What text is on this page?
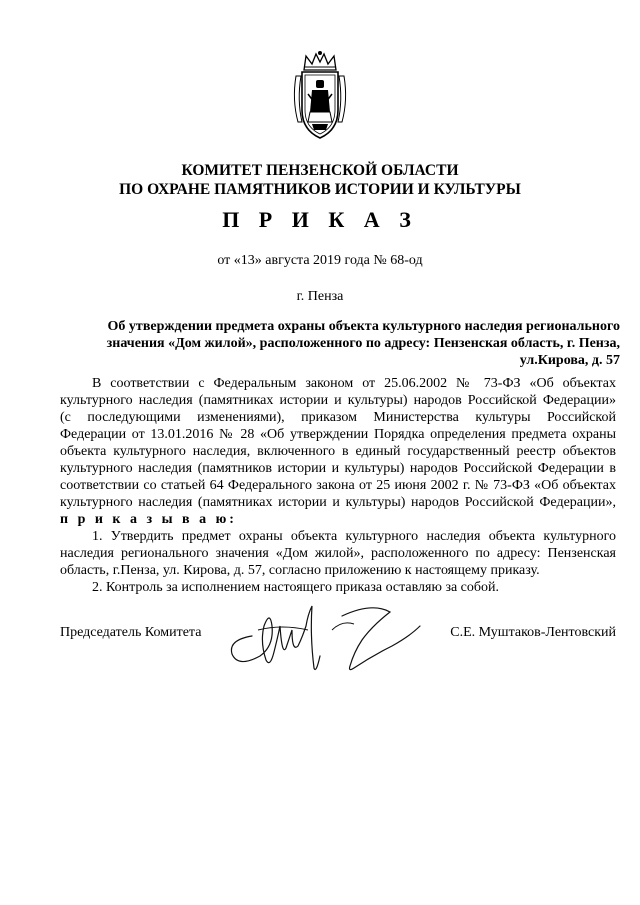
КОМИТЕТ ПЕНЗЕНСКОЙ ОБЛАСТИ
ПО ОХРАНЕ ПАМЯТНИКОВ ИСТОРИИ И КУЛЬТУРЫ
П Р И К А З
от «13» августа 2019 года № 68-од
г. Пенза
Об утверждении предмета охраны объекта культурного наследия регионального
значения «Дом жилой», расположенного по адресу: Пензенская область, г. Пенза,
ул.Кирова, д. 57
В соответствии с Федеральным законом от 25.06.2002 № 73-ФЗ «Об объектах
культурного наследия (памятниках истории и культуры) народов Российской Федерации»
(с последующими изменениями), приказом Министерства культуры Российской
Федерации от 13.01.2016 № 28 «Об утверждении Порядка определения предмета охраны
объекта культурного наследия, включенного в единый государственный реестр объектов
культурного наследия (памятников истории и культуры) народов Российской Федерации в
соответствии со статьей 64 Федерального закона от 25 июня 2002 г. № 73-ФЗ «Об объектах
культурного наследия (памятниках истории и культуры) народов Российской Федерации»,
п р и к а з ы в а ю:
1. Утвердить предмет охраны объекта культурного наследия объекта культурного
наследия регионального значения «Дом жилой», расположенного по адресу: Пензенская
область, г.Пенза, ул. Кирова, д. 57, согласно приложению к настоящему приказу.
2. Контроль за исполнением настоящего приказа оставляю за собой.
Председатель Комитета	С.Е. Муштаков-Лентовский
